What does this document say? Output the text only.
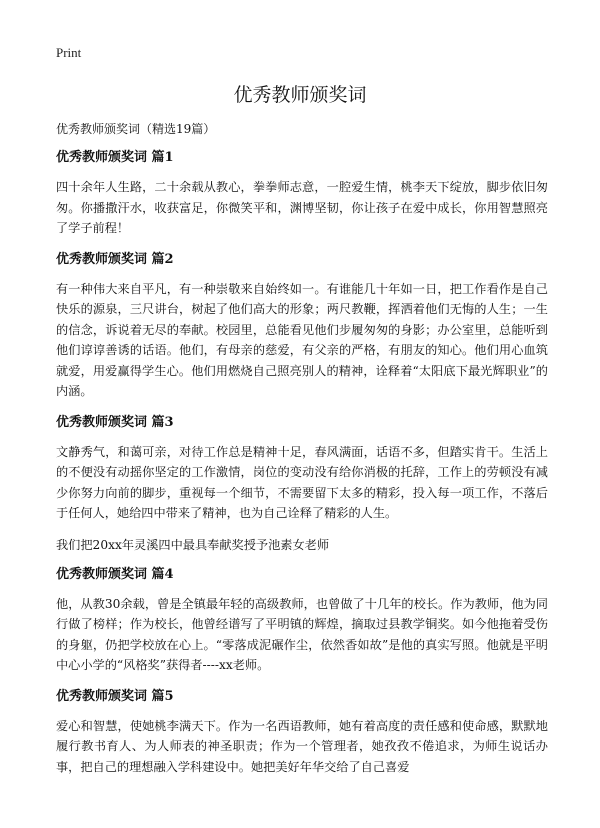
Print
优秀教师颁奖词

优秀教师颁奖词（精选19篇）

优秀教师颁奖词 篇1

四十余年人生路，二十余载从教心，拳拳师志意，一腔爱生情，桃李天下绽放，脚步依旧匆匆。你播撒汗水，收获富足，你微笑平和，渊博坚韧，你让孩子在爱中成长，你用智慧照亮了学子前程！

优秀教师颁奖词 篇2

有一种伟大来自平凡，有一种崇敬来自始终如一。有谁能几十年如一日，把工作看作是自己快乐的源泉，三尺讲台，树起了他们高大的形象；两尺教鞭，挥洒着他们无悔的人生；一生的信念，诉说着无尽的奉献。校园里，总能看见他们步履匆匆的身影；办公室里，总能听到他们谆谆善诱的话语。他们，有母亲的慈爱，有父亲的严格，有朋友的知心。他们用心血筑就爱，用爱赢得学生心。他们用燃烧自己照亮别人的精神，诠释着“太阳底下最光辉职业”的内涵。

优秀教师颁奖词 篇3

文静秀气，和蔼可亲，对待工作总是精神十足，春风满面，话语不多，但踏实肯干。生活上的不便没有动摇你坚定的工作激情，岗位的变动没有给你消极的托辞，工作上的劳顿没有减少你努力向前的脚步，重视每一个细节，不需要留下太多的精彩，投入每一项工作，不落后于任何人，她给四中带来了精神，也为自己诠释了精彩的人生。

我们把20xx年灵溪四中最具奉献奖授予池素女老师

优秀教师颁奖词 篇4

他，从教30余载，曾是全镇最年轻的高级教师，也曾做了十几年的校长。作为教师，他为同行做了榜样；作为校长，他曾经谱写了平明镇的辉煌，摘取过县教学铜奖。如今他拖着受伤的身躯，仍把学校放在心上。“零落成泥碾作尘，依然香如故”是他的真实写照。他就是平明中心小学的“风格奖”获得者----xx老师。

优秀教师颁奖词 篇5

爱心和智慧，使她桃李满天下。作为一名西语教师，她有着高度的责任感和使命感，默默地履行教书育人、为人师表的神圣职责；作为一个管理者，她孜孜不倦追求，为师生说话办事，把自己的理想融入学科建设中。她把美好年华交给了自己喜爱
